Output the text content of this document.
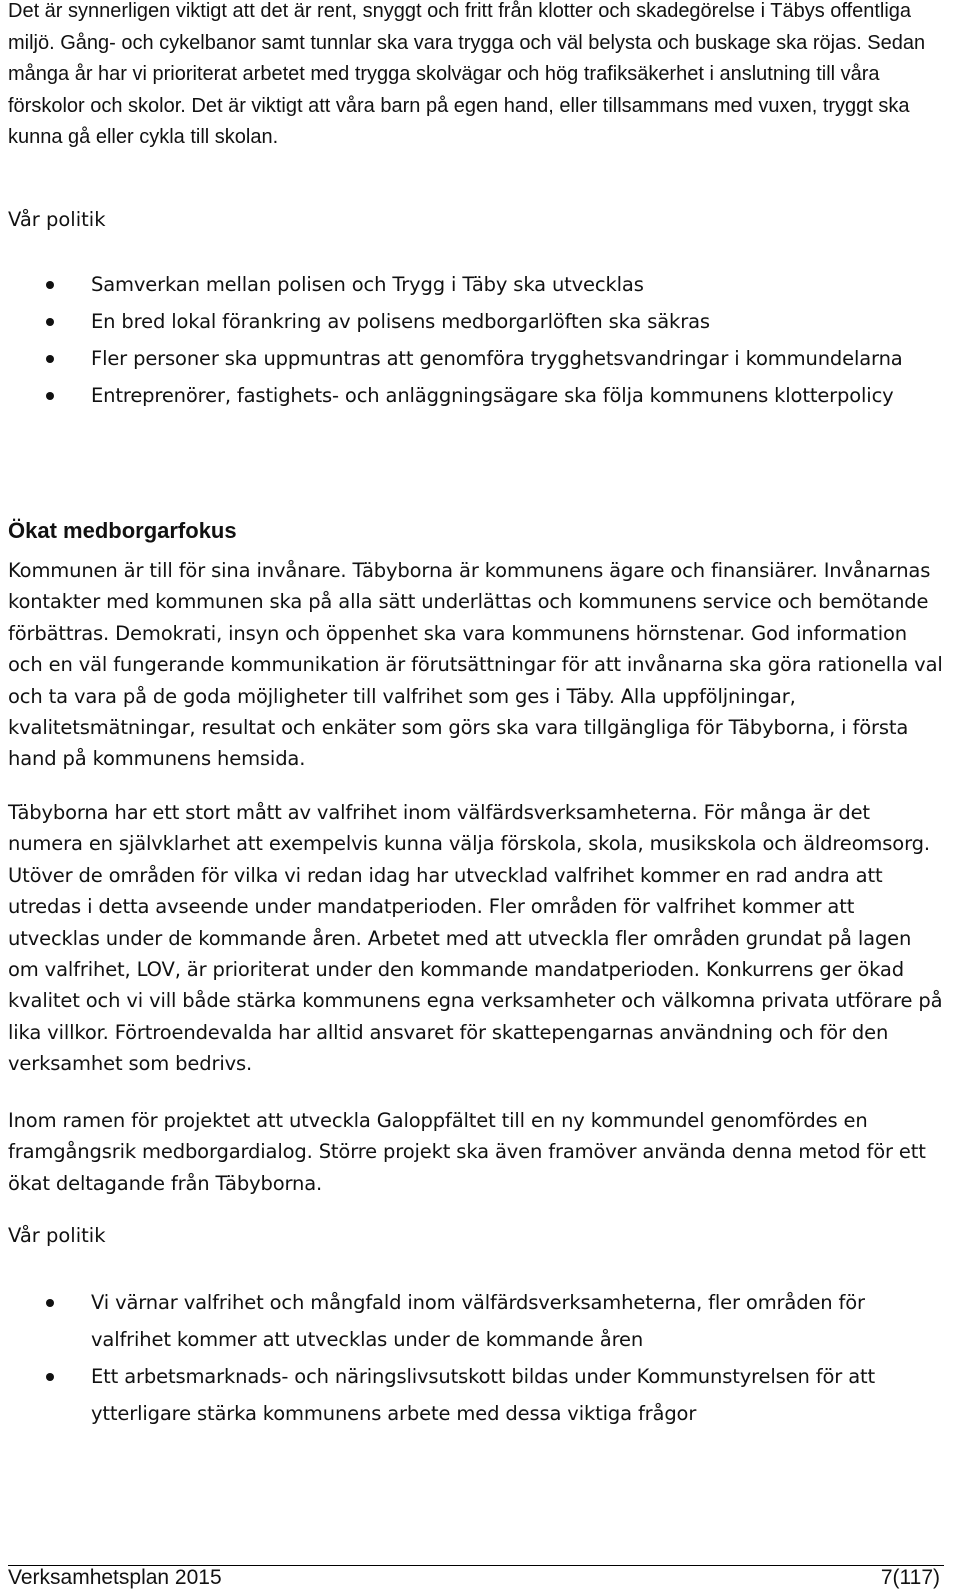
Det är synnerligen viktigt att det är rent, snyggt och fritt från klotter och skadegörelse i Täbys offentliga miljö. Gång- och cykelbanor samt tunnlar ska vara trygga och väl belysta och buskage ska röjas. Sedan många år har vi prioriterat arbetet med trygga skolvägar och hög trafiksäkerhet i anslutning till våra förskolor och skolor. Det är viktigt att våra barn på egen hand, eller tillsammans med vuxen, tryggt ska kunna gå eller cykla till skolan.

Vår politik

Samverkan mellan polisen och Trygg i Täby ska utvecklas
En bred lokal förankring av polisens medborgarlöften ska säkras
Fler personer ska uppmuntras att genomföra trygghetsvandringar i kommundelarna
Entreprenörer, fastighets- och anläggningsägare ska följa kommunens klotterpolicy
Ökat medborgarfokus

Kommunen är till för sina invånare. Täbyborna är kommunens ägare och finansiärer. Invånarnas kontakter med kommunen ska på alla sätt underlättas och kommunens service och bemötande förbättras. Demokrati, insyn och öppenhet ska vara kommunens hörnstenar. God information och en väl fungerande kommunikation är förutsättningar för att invånarna ska göra rationella val och ta vara på de goda möjligheter till valfrihet som ges i Täby. Alla uppföljningar, kvalitetsmätningar, resultat och enkäter som görs ska vara tillgängliga för Täbyborna, i första hand på kommunens hemsida.

Täbyborna har ett stort mått av valfrihet inom välfärdsverksamheterna. För många är det numera en självklarhet att exempelvis kunna välja förskola, skola, musikskola och äldreomsorg. Utöver de områden för vilka vi redan idag har utvecklad valfrihet kommer en rad andra att utredas i detta avseende under mandatperioden. Fler områden för valfrihet kommer att utvecklas under de kommande åren. Arbetet med att utveckla fler områden grundat på lagen om valfrihet, LOV, är prioriterat under den kommande mandatperioden. Konkurrens ger ökad kvalitet och vi vill både stärka kommunens egna verksamheter och välkomna privata utförare på lika villkor. Förtroendevalda har alltid ansvaret för skattepengarnas användning och för den verksamhet som bedrivs.

Inom ramen för projektet att utveckla Galoppfältet till en ny kommundel genomfördes en framgångsrik medborgardialog. Större projekt ska även framöver använda denna metod för ett ökat deltagande från Täbyborna.

Vår politik

Vi värnar valfrihet och mångfald inom välfärdsverksamheterna, fler områden för valfrihet kommer att utvecklas under de kommande åren
Ett arbetsmarknads- och näringslivsutskott bildas under Kommunstyrelsen för att ytterligare stärka kommunens arbete med dessa viktiga frågor
Verksamhetsplan 2015	7(117)
